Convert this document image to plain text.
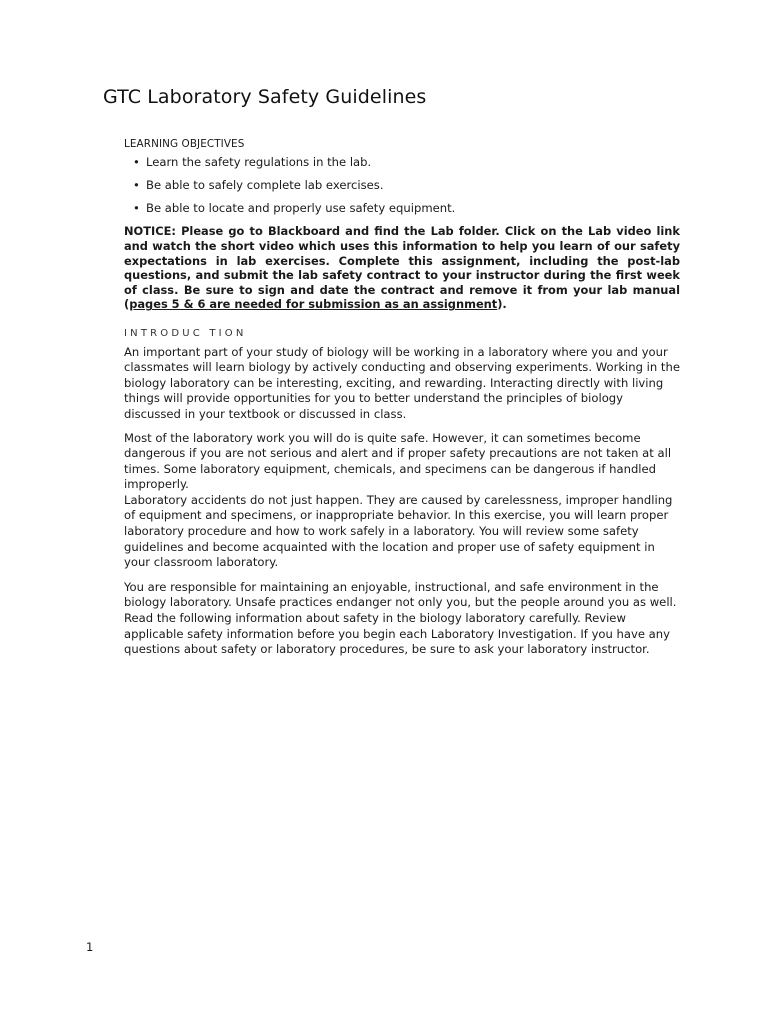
GTC Laboratory Safety Guidelines
LEARNING OBJECTIVES
• Learn the safety regulations in the lab.
• Be able to safely complete lab exercises.
• Be able to locate and properly use safety equipment.
NOTICE: Please go to Blackboard and find the Lab folder. Click on the Lab video link and watch the short video which uses this information to help you learn of our safety expectations in lab exercises. Complete this assignment, including the post-lab questions, and submit the lab safety contract to your instructor during the first week of class. Be sure to sign and date the contract and remove it from your lab manual (pages 5 & 6 are needed for submission as an assignment).
INTRODUC TION

An important part of your study of biology will be working in a laboratory where you and your classmates will learn biology by actively conducting and observing experiments. Working in the biology laboratory can be interesting, exciting, and rewarding. Interacting directly with living things will provide opportunities for you to better understand the principles of biology discussed in your textbook or discussed in class.

Most of the laboratory work you will do is quite safe. However, it can sometimes become dangerous if you are not serious and alert and if proper safety precautions are not taken at all times. Some laboratory equipment, chemicals, and specimens can be dangerous if handled improperly.

Laboratory accidents do not just happen. They are caused by carelessness, improper handling of equipment and specimens, or inappropriate behavior. In this exercise, you will learn proper

laboratory procedure and how to work safely in a laboratory. You will review some safety guidelines and become acquainted with the location and proper use of safety equipment in your classroom laboratory.

You are responsible for maintaining an enjoyable, instructional, and safe environment in the biology laboratory. Unsafe practices endanger not only you, but the people around you as well. Read the following information about safety in the biology laboratory carefully. Review applicable safety information before you begin each Laboratory Investigation. If you have any questions about safety or laboratory procedures, be sure to ask your laboratory instructor.

1
